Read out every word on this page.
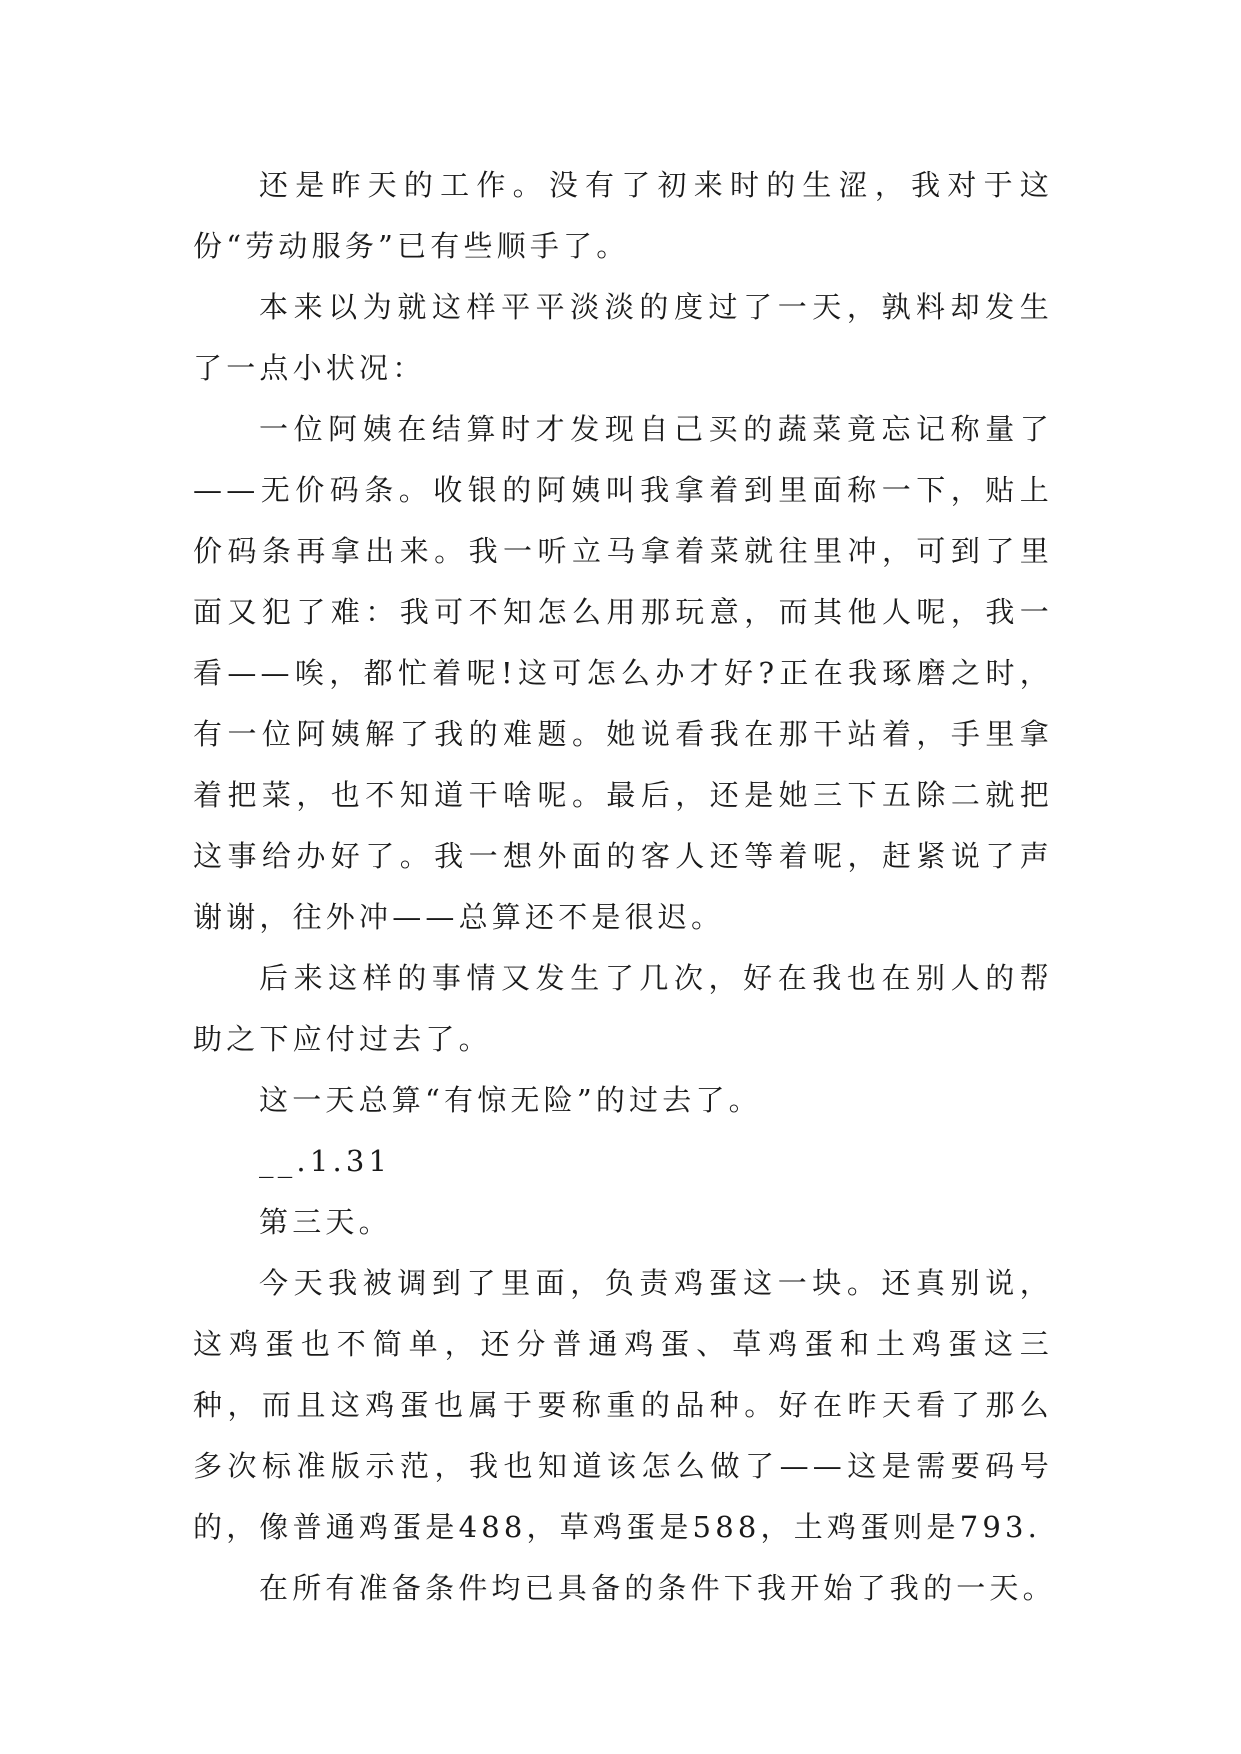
还是昨天的工作。没有了初来时的生涩，我对于这份“劳动服务”已有些顺手了。

本来以为就这样平平淡淡的度过了一天，孰料却发生了一点小状况：

一位阿姨在结算时才发现自己买的蔬菜竟忘记称量了——无价码条。收银的阿姨叫我拿着到里面称一下，贴上价码条再拿出来。我一听立马拿着菜就往里冲，可到了里面又犯了难：我可不知怎么用那玩意，而其他人呢，我一看——唉，都忙着呢!这可怎么办才好?正在我琢磨之时，有一位阿姨解了我的难题。她说看我在那干站着，手里拿着把菜，也不知道干啥呢。最后，还是她三下五除二就把这事给办好了。我一想外面的客人还等着呢，赶紧说了声谢谢，往外冲——总算还不是很迟。

后来这样的事情又发生了几次，好在我也在别人的帮助之下应付过去了。

这一天总算“有惊无险”的过去了。

__.1.31

第三天。

今天我被调到了里面，负责鸡蛋这一块。还真别说，这鸡蛋也不简单，还分普通鸡蛋、草鸡蛋和土鸡蛋这三种，而且这鸡蛋也属于要称重的品种。好在昨天看了那么多次标准版示范，我也知道该怎么做了——这是需要码号的，像普通鸡蛋是488，草鸡蛋是588，土鸡蛋则是793.

在所有准备条件均已具备的条件下我开始了我的一天。
